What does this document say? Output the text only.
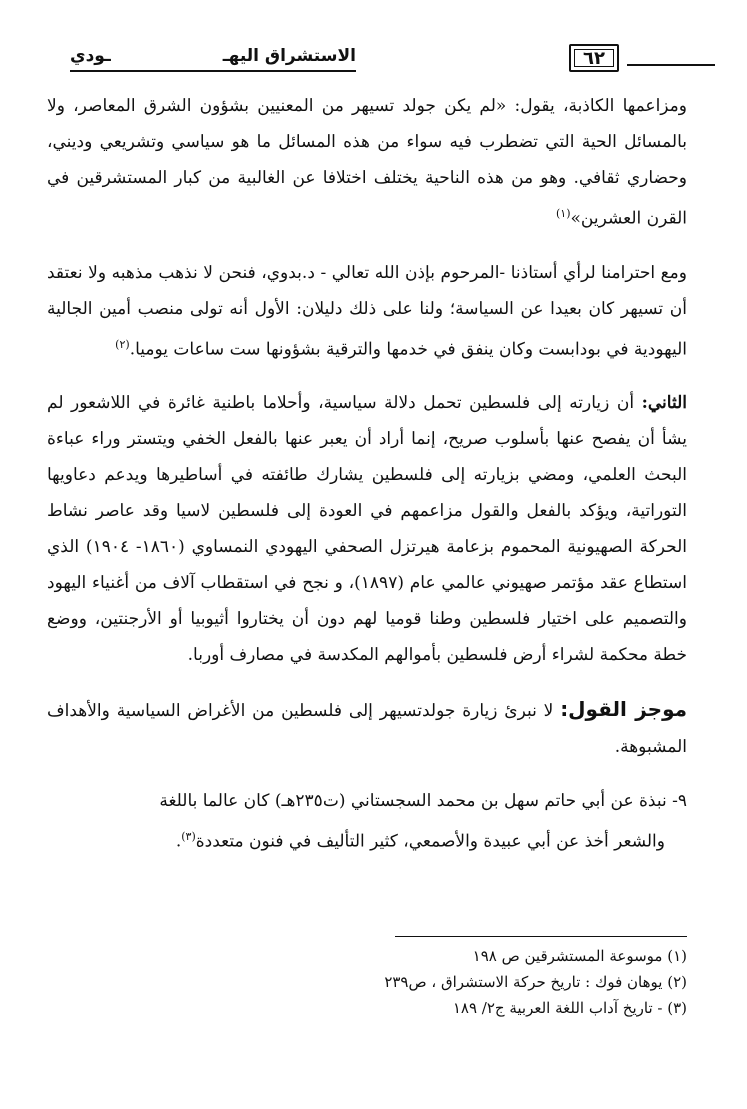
٦٢
الاستشراق اليهــودي

ومزاعمها الكاذبة، يقول: «لم يكن جولد تسيهر من المعنيين بشؤون الشرق المعاصر، ولا بالمسائل الحية التي تضطرب فيه سواء من هذه المسائل ما هو سياسي وتشريعي وديني، وحضاري ثقافي. وهو من هذه الناحية يختلف اختلافا عن الغالبية من كبار المستشرقين في القرن العشرين»$^{(١)}$

ومع احترامنا لرأي أستاذنا -المرحوم بإذن الله تعالي - د.بدوي، فنحن لا نذهب مذهبه ولا نعتقد أن تسيهر كان بعيدا عن السياسة؛ ولنا على ذلك دليلان: الأول أنه تولى منصب أمين الجالية اليهودية في بودابست وكان ينفق في خدمها والترقية بشؤونها ست ساعات يوميا.$^{(٢)}$

الثاني: أن زيارته إلى فلسطين تحمل دلالة سياسية، وأحلاما باطنية غائرة في اللاشعور لم يشأ أن يفصح عنها بأسلوب صريح، إنما أراد أن يعبر عنها بالفعل الخفي ويتستر وراء عباءة البحث العلمي، ومضي بزيارته إلى فلسطين يشارك طائفته في أساطيرها ويدعم دعاويها التوراتية، ويؤكد بالفعل والقول مزاعمهم في العودة إلى فلسطين لاسيا وقد عاصر نشاط الحركة الصهيونية المحموم بزعامة هيرتزل الصحفي اليهودي النمساوي (١٨٦٠- ١٩٠٤) الذي استطاع عقد مؤتمر صهيوني عالمي عام (١٨٩٧)، و نجح في استقطاب آلاف من أغنياء اليهود والتصميم على اختيار فلسطين وطنا قوميا لهم دون أن يختاروا أثيوبيا أو الأرجنتين، ووضع خطة محكمة لشراء أرض فلسطين بأموالهم المكدسة في مصارف أوربا.

موجز القول: لا نبرئ زيارة جولدتسيهر إلى فلسطين من الأغراض السياسية والأهداف المشبوهة.

٩- نبذة عن أبي حاتم سهل بن محمد السجستاني (ت٢٣٥هـ) كان عالما باللغة
والشعر أخذ عن أبي عبيدة والأصمعي، كثير التأليف في فنون متعددة$^{(٣)}$.

(١) موسوعة المستشرقين ص ١٩٨
(٢) يوهان فوك : تاريخ حركة الاستشراق ، ص٢٣٩
(٣) - تاريخ آداب اللغة العربية ج٢/ ١٨٩
